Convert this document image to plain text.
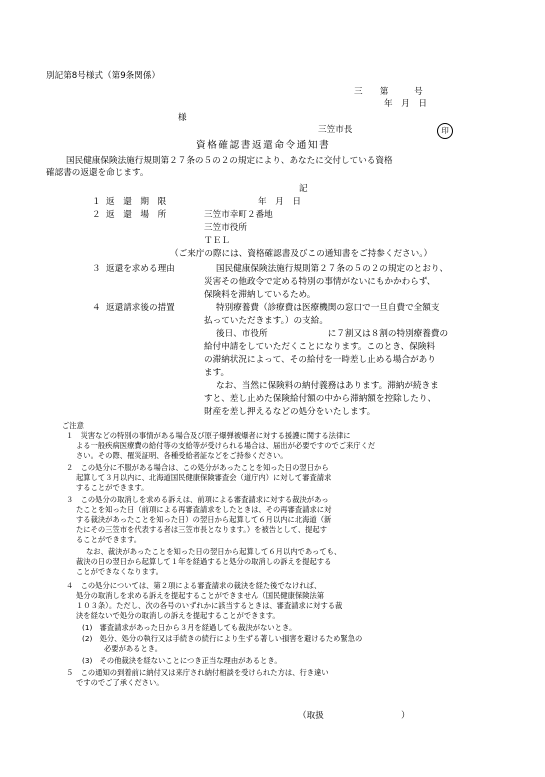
別記第8号様式（第9条関係）
三　　第　　　号
年　月　日
様
三笠市長	印
資格確認書返還命令通知書
国民健康保険法施行規則第２７条の５の２の規定により、あなたに交付している資格
確認書の返還を命じます。
記
１ 返　還　期　限	年　月　日
２ 返　還　場　所	三笠市幸町２番地
三笠市役所
ＴＥＬ
（ご来庁の際には、資格確認書及びこの通知書をご持参ください。）
３ 返還を求める理由	国民健康保険法施行規則第２７条の５の２の規定のとおり、
災害その他政令で定める特別の事情がないにもかかわらず、
保険料を滞納しているため。
４ 返還請求後の措置	特別療養費（診療費は医療機関の窓口で一旦自費で全額支
払っていただきます。）の支給。
後日、市役所　　　　　　　に７割又は８割の特別療養費の
給付申請をしていただくことになります。このとき、保険料
の滞納状況によって、その給付を一時差し止める場合があり
ます。
なお、当然に保険料の納付義務はあります。滞納が続きま
すと、差し止めた保険給付額の中から滞納額を控除したり、
財産を差し押えるなどの処分をいたします。
ご注意
１　災害などの特別の事情がある場合及び原子爆弾被爆者に対する援護に関する法律に
よる一般疾病医療費の給付等の支給等が受けられる場合は、届出が必要ですのでご来庁くだ
さい。その際、罹災証明、各種受給者証などをご持参ください。
２　この処分に不服がある場合は、この処分があったことを知った日の翌日から
起算して３月以内に、北海道国民健康保険審査会（道庁内）に対して審査請求
することができます。
３　この処分の取消しを求める訴えは、前項による審査請求に対する裁決があっ
たことを知った日（前項による再審査請求をしたときは、その再審査請求に対
する裁決があったことを知った日）の翌日から起算して６月以内に北海道（新
たにその三笠市を代表する者は三笠市長となります。）を被告として、提起す
ることができます。
なお、裁決があったことを知った日の翌日から起算して６月以内であっても、
裁決の日の翌日から起算して１年を経過すると処分の取消しの訴えを提起する
ことができなくなります。
４　この処分については、第２項による審査請求の裁決を経た後でなければ、
処分の取消しを求める訴えを提起することができません（国民健康保険法第
１０３条）。ただし、次の各号のいずれかに該当するときは、審査請求に対する裁
決を経ないで処分の取消しの訴えを提起することができます。
(1)　審査請求があった日から３月を経過しても裁決がないとき。
(2)　処分、処分の執行又は手続きの続行により生ずる著しい損害を避けるため緊急の
必要があるとき。
(3)　その他裁決を経ないことにつき正当な理由があるとき。
５　この通知の到着前に納付又は来庁され納付相談を受けられた方は、行き違い
ですのでご了承ください。
（取扱　　　　　　　　　）
